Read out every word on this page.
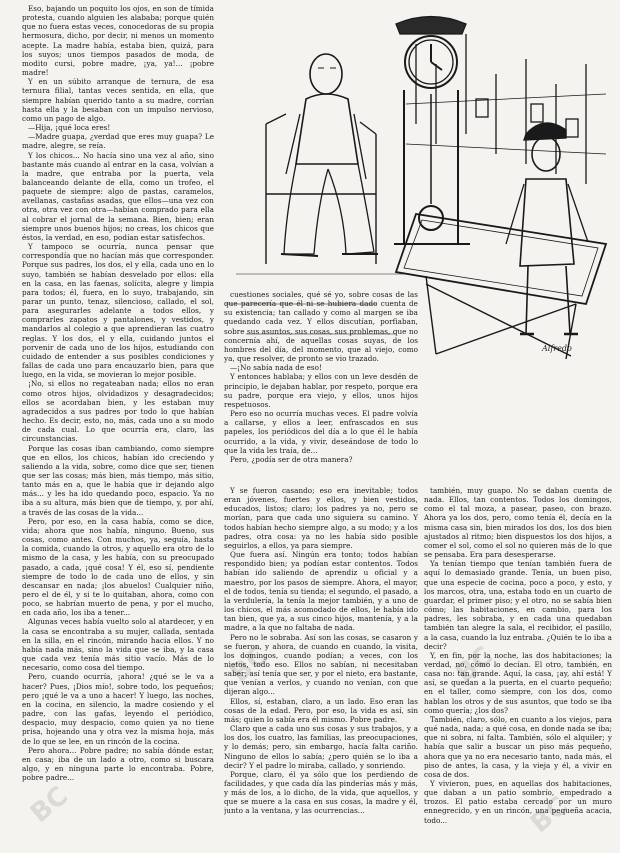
Eso, bajando un poquito los ojos, en son de tímida protesta, cuando alguien les alababa; porque quién que no fuera estas veces, conocedoras de su propia hermosura, dicho, por decir, ni menos un momento acepte. La madre había, estaba bien, quizá, para los suyos; unos tiempos pasados de moda, de modito cursi, pobre madre, ¡ya, ya!... ¡pobre madre!

Y en un súbito arranque de ternura, de esa ternura filial, tantas veces sentida, en ella, que siempre habían querido tanto a su madre, corrían hasta ella y la besaban con un impulso nervioso, como un pago de algo.

—Hija, ¡qué loca eres!

—Madre guapa, ¿verdad que eres muy guapa? Le madre, alegre, se reía.

Y los chicos... No hacía sino una vez al año, sino bastante más cuando al entrar en la casa, volvían a la madre, que entraba por la puerta, vela balanceando delante de ella, como un trofeo, el paquete de siempre: algo de pastas, caramelos, avellanas, castañas asadas, que ellos—una vez con otra, otra vez con otra—habían comprado para ella al cobrar el jornal de la semana. Bien, bien; eran siempre unos buenos hijos; no creas, los chicos que éstos, la verdad, en eso, podían estar satisfechos.

Y tampoco se ocurría, nunca pensar que correspondía que no hacían más que corresponder. Porque sus padres, los dos, el y ella, cada uno en lo suyo, también se habían desvelado por ellos: ella en la casa, en las faenas, solícita, alegre y limpia para todos; él, fuera, en lo suyo, trabajando, sin parar un punto, tenaz, silencioso, callado, el sol, para asegurarles adelante a todos ellos, y comprarles zapatos y pantalones, y vestidos, y mandarlos al colegio a que aprendieran las cuatro reglas. Y los dos, el y ella, cuidando juntos el porvenir de cada uno de los hijos, estudiando con cuidado de entender a sus posibles condiciones y fallas de cada uno para encauzarlo bien, para que luego, en la vida, se movieran lo mejor posible.

¡No, si ellos no regateaban nada; ellos no eran como otros hijos, olvidadizos y desagradecidos; ellos se acordaban bien, y les estaban muy agradecidos a sus padres por todo lo que habían hecho. Es decir, esto, no, más, cada uno a su modo de cada cual. Lo que ocurría era, claro, las circunstancias.

Porque las cosas iban cambiando, como siempre que en ellos, los chicos, habían ido creciendo y saliendo a la vida, sobre, como dice que ser, tienen que ser las cosas; más bien, más tiempo, más sitio, tanto más en a, que le había que ir dejando algo más... y les ha ido quedando poco, espacio. Ya no iba a su altura, más bien que de tiempo, y, por ahí, a través de las cosas de la vida...

Pero, por eso, en la casa había, como se dice, vida; ahora que nos había, ninguno. Bueno, sus cosas, como antes. Con muchos, ya, seguía, hasta la comida, cuando la otros, y aquello era otro de lo mismo de la casa, y les había, con su preocupado pasado, a cada, ¡qué cosa! Y él, eso sí, pendiente siempre de todo lo de cada uno de ellos, y sin descansar en nada; ¡los abuelos! Cualquier niño, pero el de él, y si te lo quitaban, ahora, como con poco, se habrían muerto de pena, y por el mucho, en cada año, los iba a tener...

Algunas veces había vuelto solo al atardecer, y en la casa se encontraba a su mujer, callada, sentada en la silla, en el rincón, mirando hacia ellos. Y no había nada más, sino la vida que se iba, y la casa que cada vez tenía más sitio vacío. Más de lo necesario, como cosa del tiempo.

Pero, cuando ocurría, ¡ahora! ¿qué se le va a hacer? Pues, ¡Dios mío!, sobre todo, los pequeños; pero ¡qué le va a uno a hacer! Y luego, las noches, en la cocina, en silencio, la madre cosiendo y el padre, con las gafas, leyendo el periódico, despacio, muy despacio, como quien ya no tiene prisa, hojeando una y otra vez la misma hoja, más de lo que se lee, en un rincón de la cocina.

Pero ahora... Pobre padre; no sabía dónde estar, en casa; iba de un lado a otro, como si buscara algo, y en ninguna parte lo encontraba. Pobre, pobre padre...

Alfredo

cuestiones sociales, qué sé yo, sobre cosas de las que parecería que él ni se hubiera dado cuenta de su existencia; tan callado y como al margen se iba quedando cada vez. Y ellos discutían, porfiaban, sobre sus asuntos, sus cosas, sus problemas, que no concernía ahí, de aquellas cosas suyas, de los hombres del día, del momento, que al viejo, como ya, que resolver, de pronto se vio trazado.

—¡No sabía nada de eso!

Y entonces hablaba; y ellos con un leve desdén de principio, le dejaban hablar, por respeto, porque era su padre, porque era viejo, y ellos, unos hijos respetuosos.

Pero eso no ocurría muchas veces. El padre volvía a callarse, y ellos a leer, enfrascados en sus papeles, los periódicos del día a lo que él le había ocurrido, a la vida, y vivir, deseándose de todo lo que la vida les traía, de...

Pero, ¿podía ser de otra manera?

Y se fueron casando; eso era inevitable; todos eran jóvenes, fuertes y ellos, y bien vestidos, educados, listos; claro; los padres ya no, pero se morían, para que cada uno siguiera su camino. Y todos habían hecho siempre algo, a su modo; y a los padres, otra cosa: ya no les había sido posible seguirlos, a ellos, ya para siempre.

Que fuera así. Ningún era tonto; todos habían respondido bien; ya podían estar contentos. Todos habían ido saliendo de aprendiz u oficial y a maestro, por los pasos de siempre. Ahora, el mayor, el de todos, tenía su tienda; el segundo, el pasado, a la verdulería, la tenía la mejor también, y a uno de los chicos, el más acomodado de ellos, le había ido tan bien, que ya, a sus cinco hijos, mantenía, y a la madre, a la que no faltaba de nada.

Pero no le sobraba. Así son las cosas, se casaron y se fueron, y ahora, de cuando en cuando, la visita, los domingos, cuando podían; a veces, con los nietos, todo eso. Ellos no sabían, ni necesitaban saber; así tenía que ser, y por el nieto, era bastante, que venían a verlos, y cuando no venían, con que dijeran algo...

Ellos, sí, estaban, claro, a un lado. Eso eran las cosas de la edad. Pero, por eso, la vida es así, sin más; quien lo sabía era él mismo. Pobre padre.

Claro que a cada uno sus cosas y sus trabajos, y a los dos, los cuatro, las familias, las preocupaciones, y lo demás; pero, sin embargo, hacía falta cariño. Ninguno de ellos lo sabía; ¿pero quién se lo iba a decir? Y el padre lo miraba, callado, y sonriendo.

Porque, claro, él ya sólo que los perdiendo de facilidades, y que cada día las pinderías más y más, y más de los, a lo dicho, de la vida, que aquellos, y que se muere a la casa en sus cosas, la madre y él, junto a la ventana, y las ocurrencias...

también, muy guapo. No se daban cuenta de nada. Ellos, tan contentos. Todos los domingos, como el tal moza, a pasear, paseo, con brazo. Ahora ya los dos, pero, como tenía él, decía en la misma casa sin, bien mirados los dos, los dos bien ajustados al ritmo; bien dispuestos los dos hijos, a comer el sol, como el sol no quieren más de lo que se pensaba. Era para desesperarse.

Ya tenían tiempo que tenían también fuera de aquí lo demasiado grande. Tenía, un buen piso, que una especie de cocina, poco a poco, y esto, y los marcos, otra, una, estaba todo en un cuarto de guardar, el primer piso; y el otro, no se sabía bien cómo; las habitaciones, en cambio, para los padres, les sobraba, y en cada una quedaban también tan alegre la sala, el recibidor, el pasillo, a la casa, cuando la luz entraba. ¿Quién te lo iba a decir?

Y, en fin, por la noche, las dos habitaciones; la verdad, no, cómo lo decían. El otro, también, en casa no: tan grande. Aquí, la casa, ¡ay, ahí está! Y así, se quedan a la puerta, en el cuarto pequeño; en el taller, como siempre, con los dos, como hablan los otros y de sus asuntos, que todo se iba como quería; ¿los dos?

También, claro, sólo, en cuanto a los viejos, para qué nada, nada; a qué cosa, en donde nada se iba; que ni sobra, ni falta. También, sólo el alquiler; y había que salir a buscar un piso más pequeño, ahora que ya no era necesario tanto, nada más, el piso de antes, la casa, y la vieja y él, a vivir en cosa de dos.

Y vivieron, pues, en aquellas dos habitaciones, que daban a un patio sombrío, empedrado a trozos. El patio estaba cercado por un muro ennegrecido, y en un rincón, una pequeña acacia, todo...

BC
BC	BC
BC
